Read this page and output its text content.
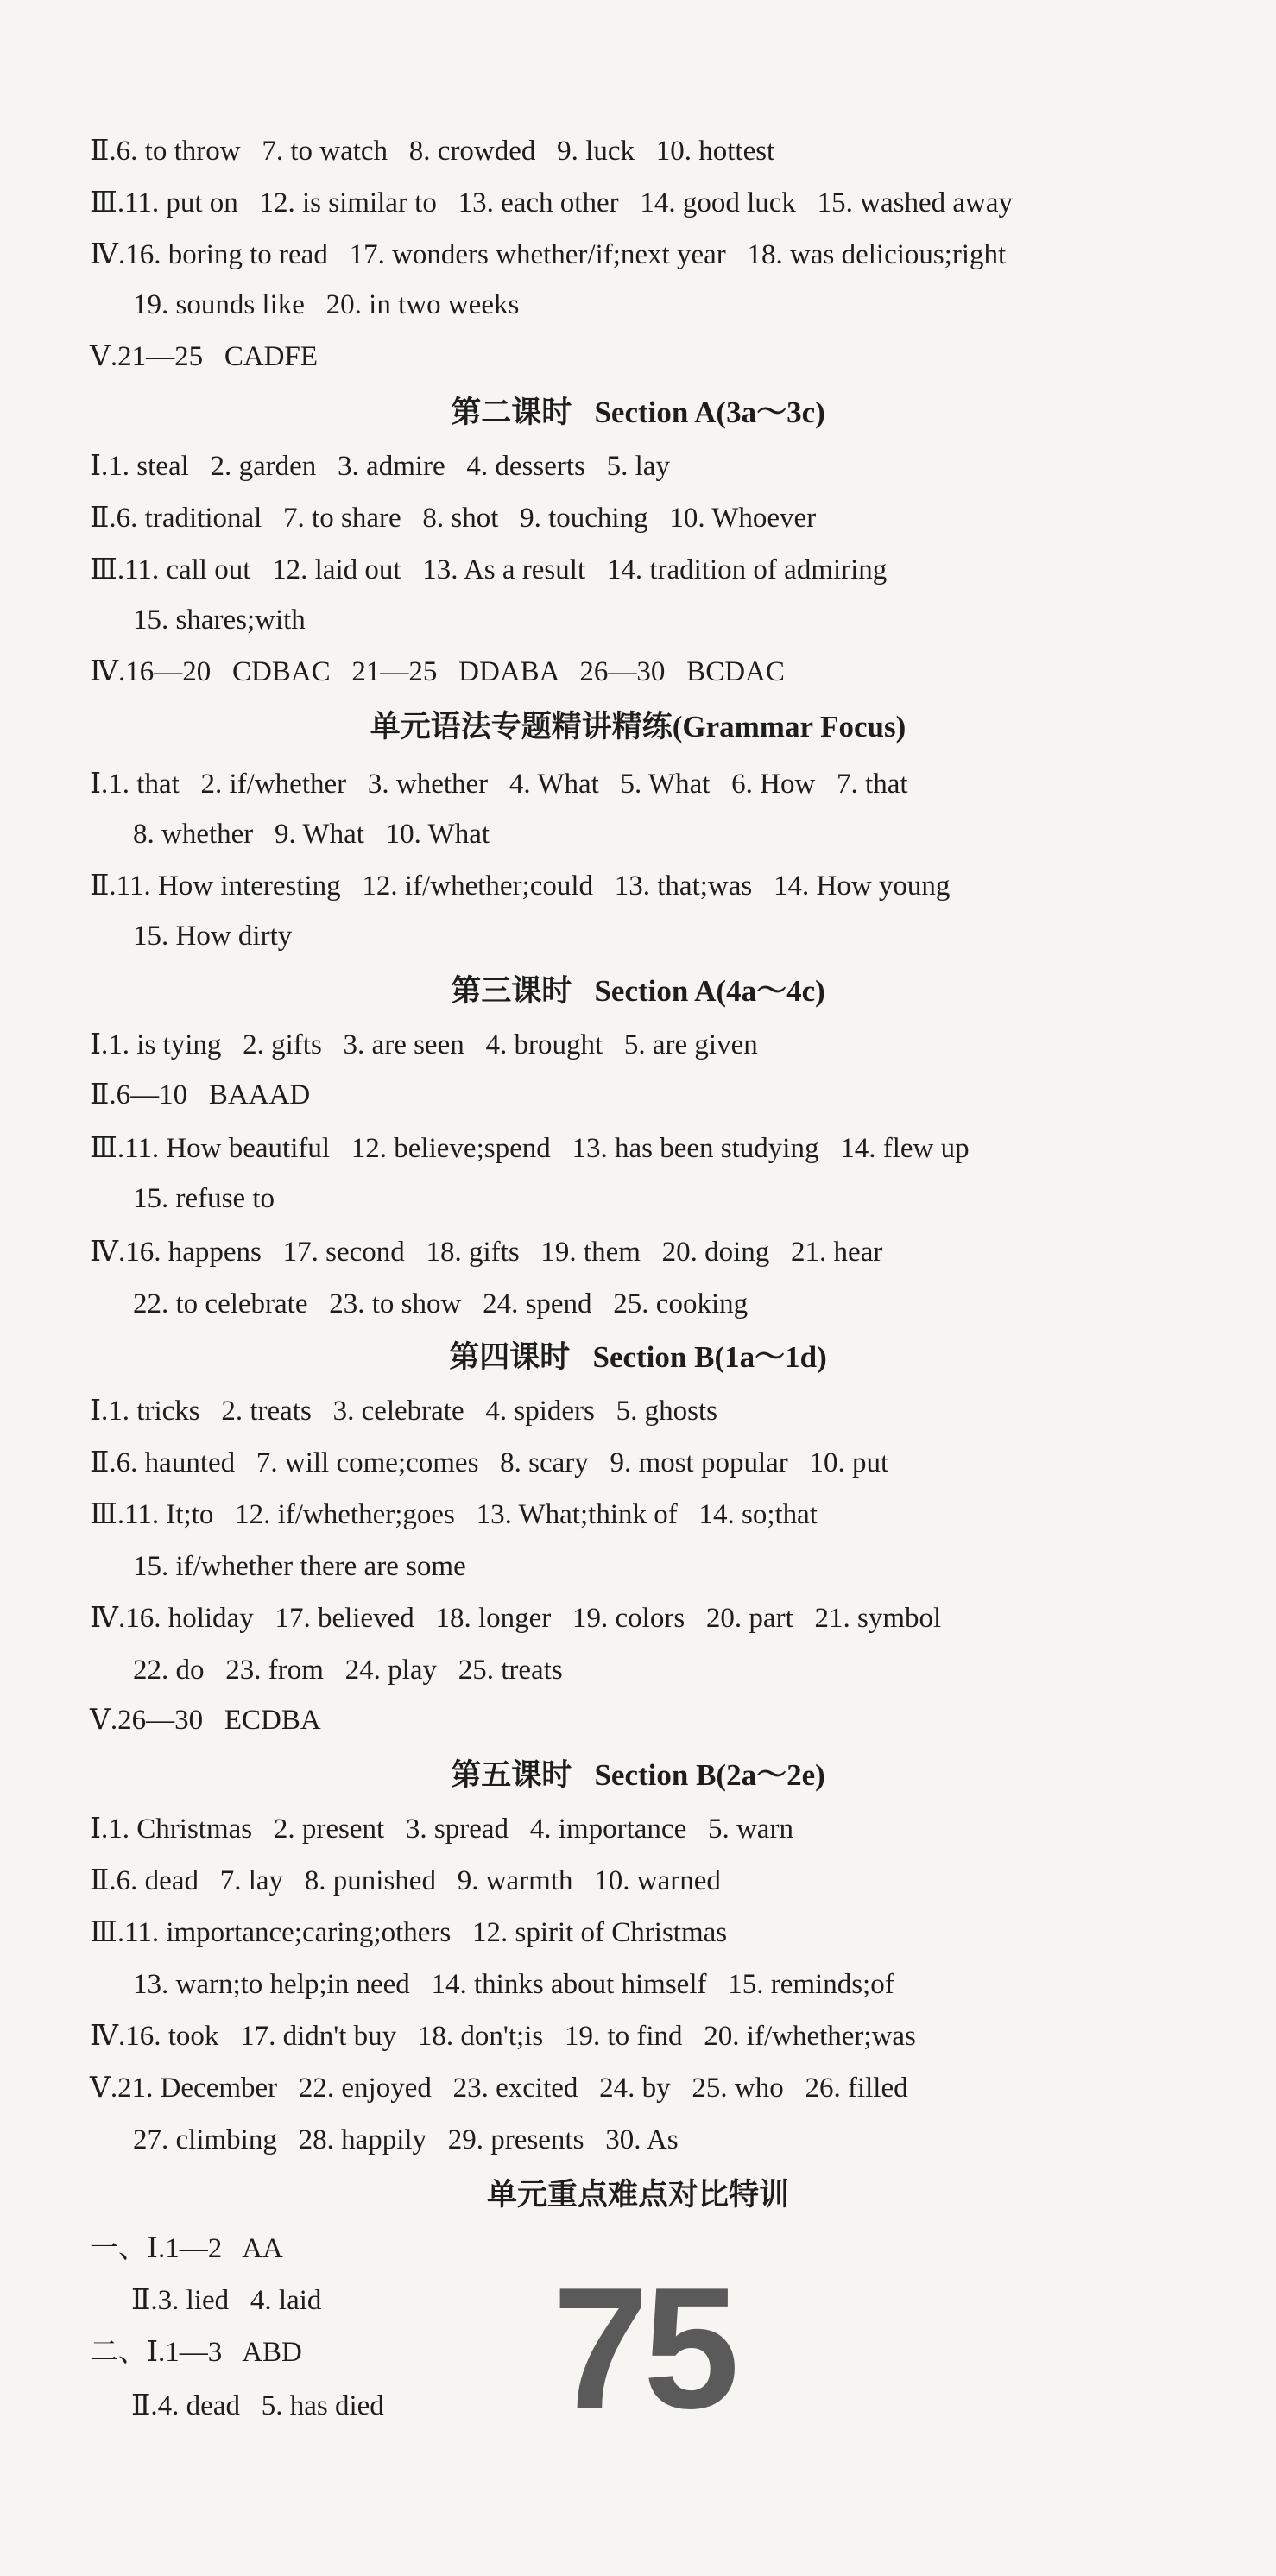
Ⅱ.6. to throw   7. to watch   8. crowded   9. luck   10. hottest
Ⅲ.11. put on   12. is similar to   13. each other   14. good luck   15. washed away
Ⅳ.16. boring to read   17. wonders whether/if;next year   18. was delicious;right
19. sounds like   20. in two weeks
Ⅴ.21—25   CADFE
第二课时   Section A(3a～3c)
Ⅰ.1. steal   2. garden   3. admire   4. desserts   5. lay
Ⅱ.6. traditional   7. to share   8. shot   9. touching   10. Whoever
Ⅲ.11. call out   12. laid out   13. As a result   14. tradition of admiring
15. shares;with
Ⅳ.16—20   CDBAC   21—25   DDABA   26—30   BCDAC
单元语法专题精讲精练(Grammar Focus)
Ⅰ.1. that   2. if/whether   3. whether   4. What   5. What   6. How   7. that
8. whether   9. What   10. What
Ⅱ.11. How interesting   12. if/whether;could   13. that;was   14. How young
15. How dirty
第三课时   Section A(4a～4c)
Ⅰ.1. is tying   2. gifts   3. are seen   4. brought   5. are given
Ⅱ.6—10   BAAAD
Ⅲ.11. How beautiful   12. believe;spend   13. has been studying   14. flew up
15. refuse to
Ⅳ.16. happens   17. second   18. gifts   19. them   20. doing   21. hear
22. to celebrate   23. to show   24. spend   25. cooking
第四课时   Section B(1a～1d)
Ⅰ.1. tricks   2. treats   3. celebrate   4. spiders   5. ghosts
Ⅱ.6. haunted   7. will come;comes   8. scary   9. most popular   10. put
Ⅲ.11. It;to   12. if/whether;goes   13. What;think of   14. so;that
15. if/whether there are some
Ⅳ.16. holiday   17. believed   18. longer   19. colors   20. part   21. symbol
22. do   23. from   24. play   25. treats
Ⅴ.26—30   ECDBA
第五课时   Section B(2a～2e)
Ⅰ.1. Christmas   2. present   3. spread   4. importance   5. warn
Ⅱ.6. dead   7. lay   8. punished   9. warmth   10. warned
Ⅲ.11. importance;caring;others   12. spirit of Christmas
13. warn;to help;in need   14. thinks about himself   15. reminds;of
Ⅳ.16. took   17. didn't buy   18. don't;is   19. to find   20. if/whether;was
Ⅴ.21. December   22. enjoyed   23. excited   24. by   25. who   26. filled
27. climbing   28. happily   29. presents   30. As
单元重点难点对比特训
一、Ⅰ.1—2   AA
Ⅱ.3. lied   4. laid
二、Ⅰ.1—3   ABD
Ⅱ.4. dead   5. has died 75
